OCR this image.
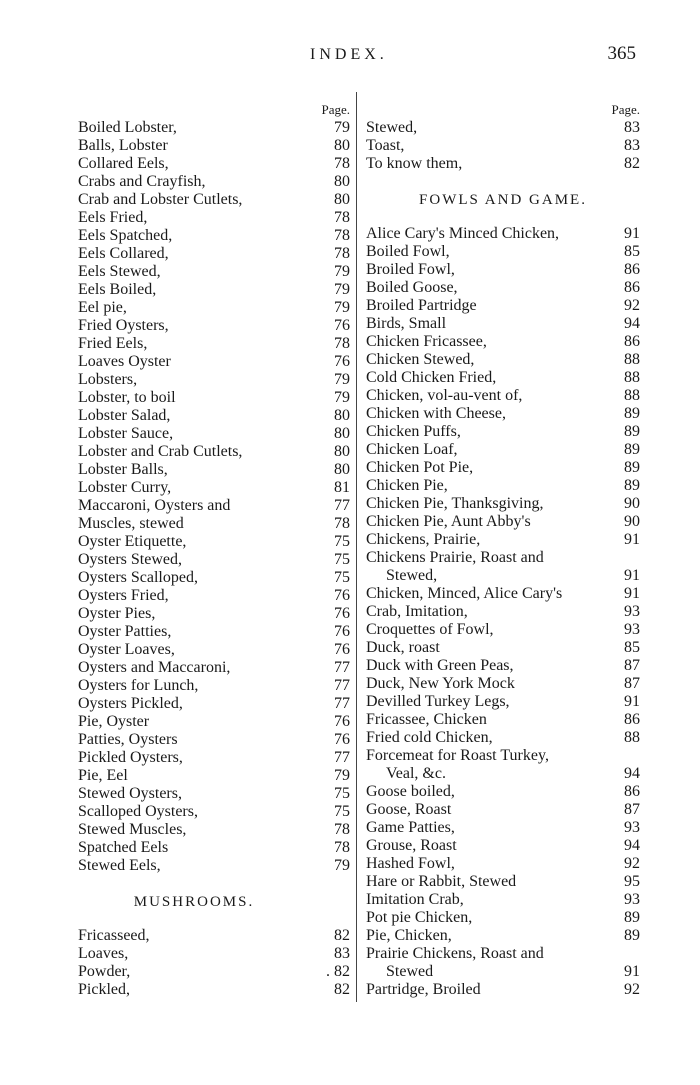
INDEX.	365
Page.
Boiled Lobster,	79
Balls, Lobster	80
Collared Eels,	78
Crabs and Crayfish,	80
Crab and Lobster Cutlets,	80
Eels Fried,	78
Eels Spatched,	78
Eels Collared,	78
Eels Stewed,	79
Eels Boiled,	79
Eel pie,	79
Fried Oysters,	76
Fried Eels,	78
Loaves Oyster	76
Lobsters,	79
Lobster, to boil	79
Lobster Salad,	80
Lobster Sauce,	80
Lobster and Crab Cutlets,	80
Lobster Balls,	80
Lobster Curry,	81
Maccaroni, Oysters and	77
Muscles, stewed	78
Oyster Etiquette,	75
Oysters Stewed,	75
Oysters Scalloped,	75
Oysters Fried,	76
Oyster Pies,	76
Oyster Patties,	76
Oyster Loaves,	76
Oysters and Maccaroni,	77
Oysters for Lunch,	77
Oysters Pickled,	77
Pie, Oyster	76
Patties, Oysters	76
Pickled Oysters,	77
Pie, Eel	79
Stewed Oysters,	75
Scalloped Oysters,	75
Stewed Muscles,	78
Spatched Eels	78
Stewed Eels,	79
MUSHROOMS.
Fricasseed,	82
Loaves,	83
Powder,	. 82
Pickled,	82
Page.
Stewed,	83
Toast,	83
To know them,	82
FOWLS AND GAME.
Alice Cary's Minced Chicken,	91
Boiled Fowl,	85
Broiled Fowl,	86
Boiled Goose,	86
Broiled Partridge	92
Birds, Small	94
Chicken Fricassee,	86
Chicken Stewed,	88
Cold Chicken Fried,	88
Chicken, vol-au-vent of,	88
Chicken with Cheese,	89
Chicken Puffs,	89
Chicken Loaf,	89
Chicken Pot Pie,	89
Chicken Pie,	89
Chicken Pie, Thanksgiving,	90
Chicken Pie, Aunt Abby's	90
Chickens, Prairie,	91
Chickens Prairie, Roast and
Stewed,	91
Chicken, Minced, Alice Cary's	91
Crab, Imitation,	93
Croquettes of Fowl,	93
Duck, roast	85
Duck with Green Peas,	87
Duck, New York Mock	87
Devilled Turkey Legs,	91
Fricassee, Chicken	86
Fried cold Chicken,	88
Forcemeat for Roast Turkey,
Veal, &c.	94
Goose boiled,	86
Goose, Roast	87
Game Patties,	93
Grouse, Roast	94
Hashed Fowl,	92
Hare or Rabbit, Stewed	95
Imitation Crab,	93
Pot pie Chicken,	89
Pie, Chicken,	89
Prairie Chickens, Roast and
Stewed	91
Partridge, Broiled	92
